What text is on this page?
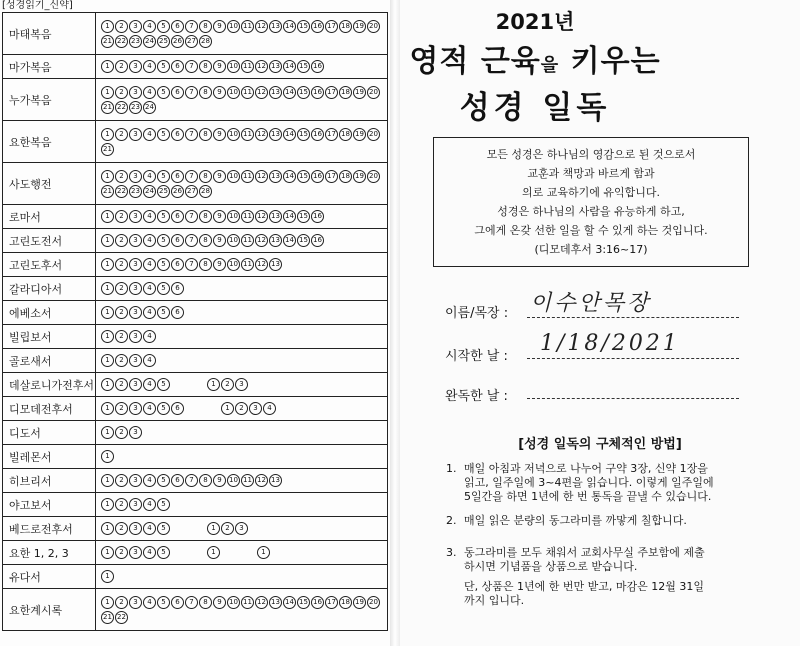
[성경읽기_신약]
마태복음	1 2 3 4 5 6 7 8 9 10 11 12 13 14 15 16 17 18 19 2021 22 23 24 25 26 27 28

마가복음	1 2 3 4 5 6 7 8 9 10 11 12 13 14 15 16

누가복음	1 2 3 4 5 6 7 8 9 10 11 12 13 14 15 16 17 18 19 2021 22 23 24

요한복음	1 2 3 4 5 6 7 8 9 10 11 12 13 14 15 16 17 18 19 2021

사도행전	1 2 3 4 5 6 7 8 9 10 11 12 13 14 15 16 17 18 19 2021 22 23 24 25 26 27 28

로마서	1 2 3 4 5 6 7 8 9 10 11 12 13 14 15 16

고린도전서	1 2 3 4 5 6 7 8 9 10 11 12 13 14 15 16

고린도후서	1 2 3 4 5 6 7 8 9 10 11 12 13

갈라디아서	1 2 3 4 5 6

에베소서	1 2 3 4 5 6

빌립보서	1 2 3 4

골로새서	1 2 3 4

데살로니가전후서	1 2 3 4 5 1 2 3

디모데전후서	1 2 3 4 5 6 1 2 3 4

디도서	1 2 3

빌레몬서	1

히브리서	1 2 3 4 5 6 7 8 9 10 11 12 13

야고보서	1 2 3 4 5

베드로전후서	1 2 3 4 5 1 2 3

요한 1, 2, 3	1 2 3 4 5 1 1

유다서	1

요한계시록	1 2 3 4 5 6 7 8 9 10 11 12 13 14 15 16 17 18 19 2021 22
2021년
영적 근육을 키우는
성경 일독
모든 성경은 하나님의 영감으로 된 것으로서
교훈과 책망과 바르게 함과
의로 교육하기에 유익합니다.
성경은 하나님의 사람을 유능하게 하고,
그에게 온갖 선한 일을 할 수 있게 하는 것입니다.
(디모데후서 3:16~17)
이름/목장 : 이수안목장
시작한 날 :
1/18/2021
완독한 날 :
[성경 일독의 구체적인 방법]
1. 매일 아침과 저녁으로 나누어 구약 3장, 신약 1장을
읽고, 일주일에 3~4편을 읽습니다. 이렇게 일주일에
5일간을 하면 1년에 한 번 통독을 끝낼 수 있습니다.
2. 매일 읽은 분량의 동그라미를 까맣게 칠합니다.
3. 동그라미를 모두 채워서 교회사무실 주보함에 제출
하시면 기념품을 상품으로 받습니다.
단, 상품은 1년에 한 번만 받고, 마감은 12월 31일
까지 입니다.
